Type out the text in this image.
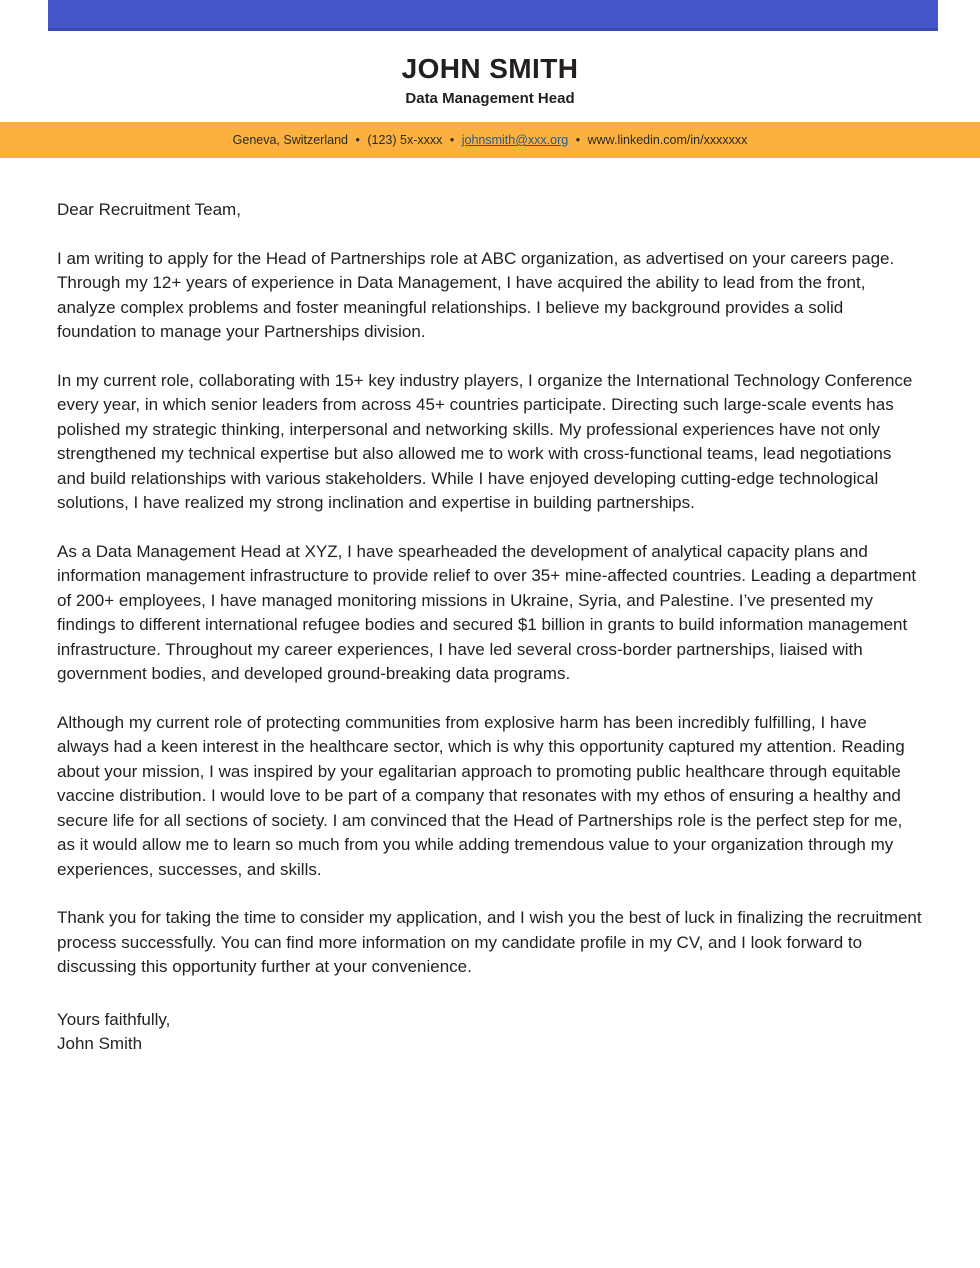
JOHN SMITH
Data Management Head
Geneva, Switzerland • (123) 5x-xxxx • johnsmith@xxx.org • www.linkedin.com/in/xxxxxxx

Dear Recruitment Team,

I am writing to apply for the Head of Partnerships role at ABC organization, as advertised on your careers page. Through my 12+ years of experience in Data Management, I have acquired the ability to lead from the front, analyze complex problems and foster meaningful relationships. I believe my background provides a solid foundation to manage your Partnerships division.

In my current role, collaborating with 15+ key industry players, I organize the International Technology Conference every year, in which senior leaders from across 45+ countries participate. Directing such large-scale events has polished my strategic thinking, interpersonal and networking skills. My professional experiences have not only strengthened my technical expertise but also allowed me to work with cross-functional teams, lead negotiations and build relationships with various stakeholders. While I have enjoyed developing cutting-edge technological solutions, I have realized my strong inclination and expertise in building partnerships.

As a Data Management Head at XYZ, I have spearheaded the development of analytical capacity plans and information management infrastructure to provide relief to over 35+ mine-affected countries. Leading a department of 200+ employees, I have managed monitoring missions in Ukraine, Syria, and Palestine. I’ve presented my findings to different international refugee bodies and secured $1 billion in grants to build information management infrastructure. Throughout my career experiences, I have led several cross-border partnerships, liaised with government bodies, and developed ground-breaking data programs.

Although my current role of protecting communities from explosive harm has been incredibly fulfilling, I have always had a keen interest in the healthcare sector, which is why this opportunity captured my attention. Reading about your mission, I was inspired by your egalitarian approach to promoting public healthcare through equitable vaccine distribution. I would love to be part of a company that resonates with my ethos of ensuring a healthy and secure life for all sections of society. I am convinced that the Head of Partnerships role is the perfect step for me, as it would allow me to learn so much from you while adding tremendous value to your organization through my experiences, successes, and skills.

Thank you for taking the time to consider my application, and I wish you the best of luck in finalizing the recruitment process successfully. You can find more information on my candidate profile in my CV, and I look forward to discussing this opportunity further at your convenience.

Yours faithfully,
John Smith
